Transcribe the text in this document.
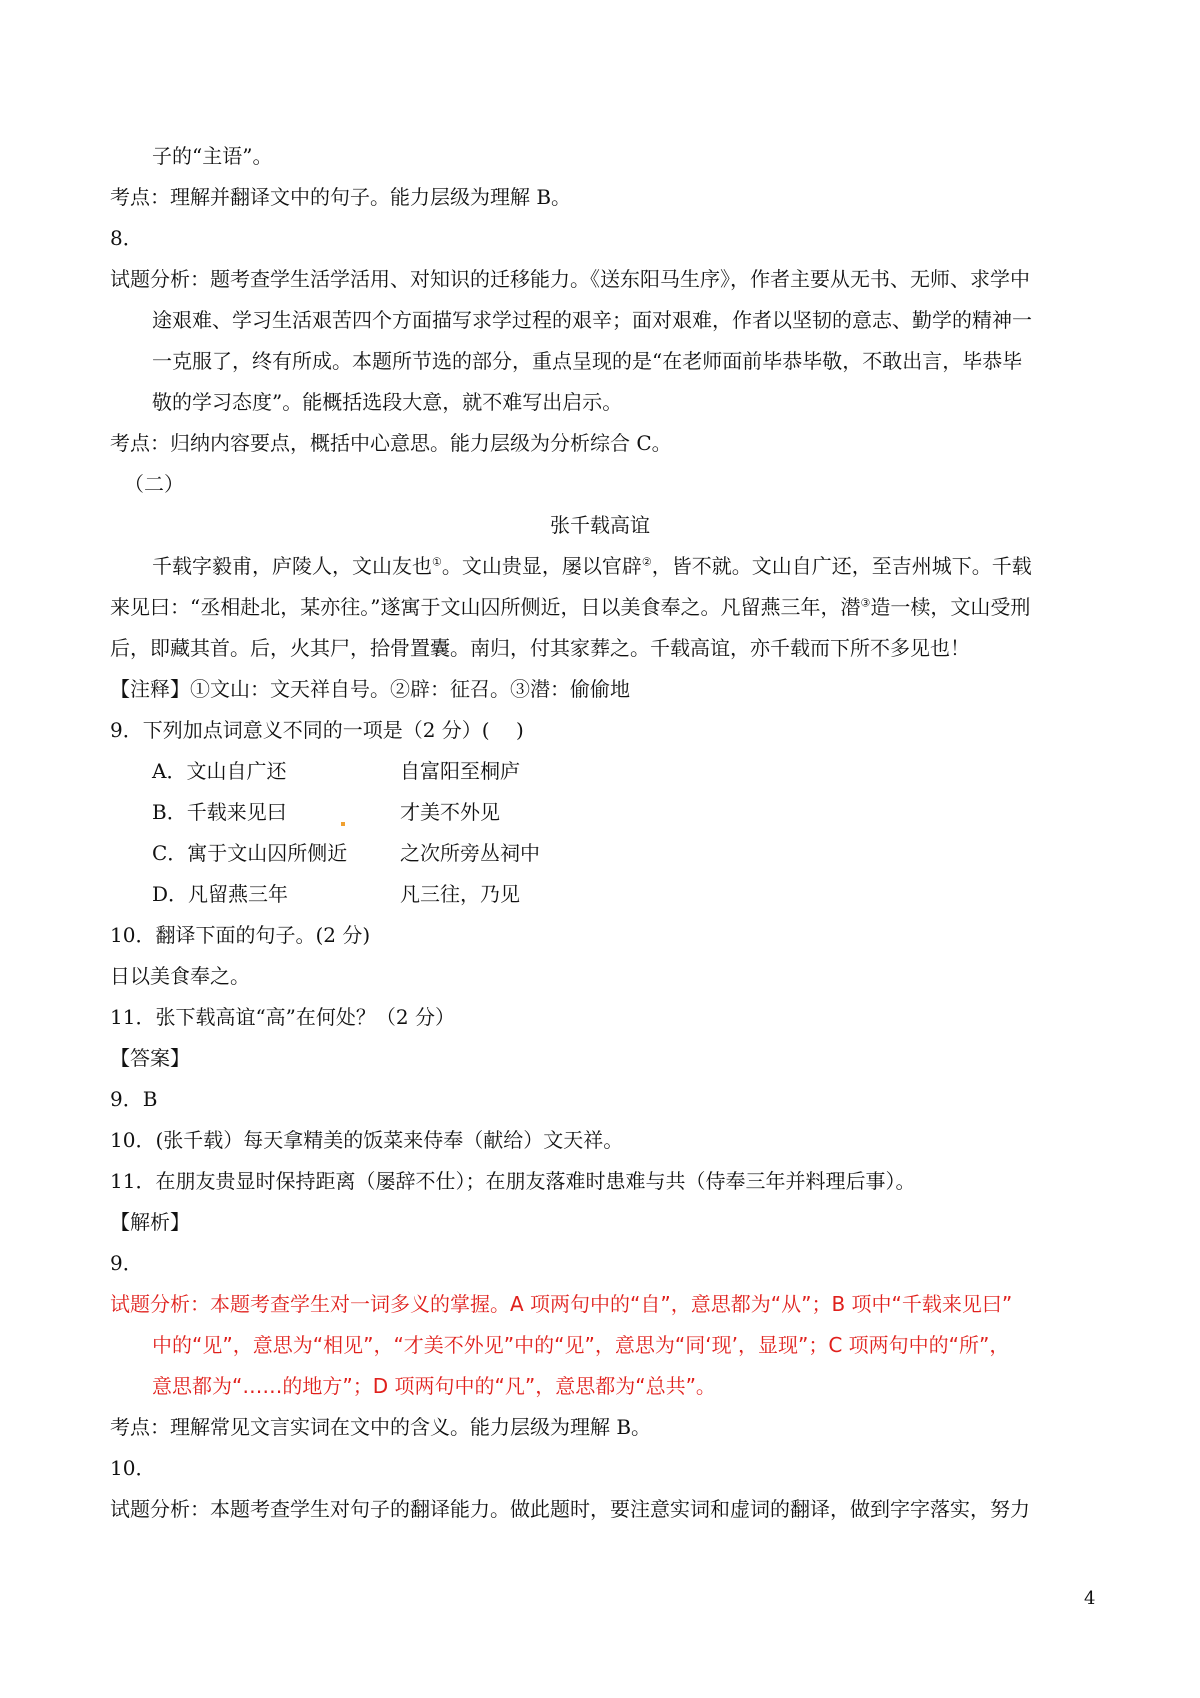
子的“主语”。
考点：理解并翻译文中的句子。能力层级为理解 B。
8．
试题分析：题考查学生活学活用、对知识的迁移能力。《送东阳马生序》，作者主要从无书、无师、求学中
途艰难、学习生活艰苦四个方面描写求学过程的艰辛；面对艰难，作者以坚韧的意志、勤学的精神一
一克服了，终有所成。本题所节选的部分，重点呈现的是“在老师面前毕恭毕敬，不敢出言，毕恭毕
敬的学习态度”。能概括选段大意，就不难写出启示。
考点：归纳内容要点，概括中心意思。能力层级为分析综合 C。
（二）
张千载高谊
千载字毅甫，庐陵人，文山友也①。文山贵显，屡以官辟②，皆不就。文山自广还，至吉州城下。千载
来见曰：“丞相赴北，某亦往。”遂寓于文山囚所侧近，日以美食奉之。凡留燕三年，潜③造一椟，文山受刑
后，即藏其首。后，火其尸，拾骨置囊。南归，付其家葬之。千载高谊，亦千载而下所不多见也！
【注释】①文山：文天祥自号。②辟：征召。③潜：偷偷地
9．下列加点词意义不同的一项是（2 分）(　 )
A．文山自广还	自富阳至桐庐
B．千载来见曰	才美不外见
C．寓于文山囚所侧近	之次所旁丛祠中
D．凡留燕三年	凡三往，乃见
10．翻译下面的句子。(2 分)
日以美食奉之。
11．张下载高谊“高”在何处？（2 分）
【答案】
9．B
10．(张千载）每天拿精美的饭菜来侍奉（献给）文天祥。
11．在朋友贵显时保持距离（屡辞不仕）；在朋友落难时患难与共（侍奉三年并料理后事）。
【解析】
9．
试题分析：本题考查学生对一词多义的掌握。A 项两句中的“自”，意思都为“从”；B 项中“千载来见曰”
中的“见”，意思为“相见”，“才美不外见”中的“见”，意思为“同‘现’，显现”；C 项两句中的“所”，
意思都为“……的地方”；D 项两句中的“凡”，意思都为“总共”。
考点：理解常见文言实词在文中的含义。能力层级为理解 B。
10．
试题分析：本题考查学生对句子的翻译能力。做此题时，要注意实词和虚词的翻译，做到字字落实，努力
4
